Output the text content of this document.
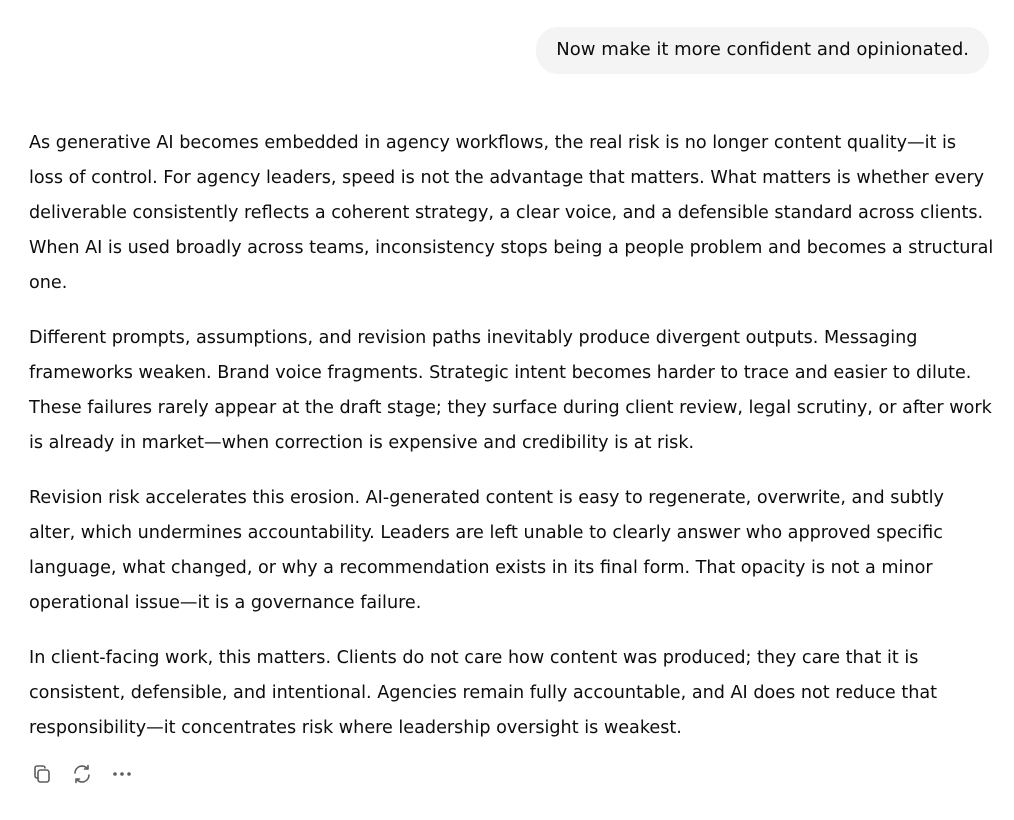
Now make it more confident and opinionated.

As generative AI becomes embedded in agency workflows, the real risk is no longer content quality—it is loss of control. For agency leaders, speed is not the advantage that matters. What matters is whether every deliverable consistently reflects a coherent strategy, a clear voice, and a defensible standard across clients. When AI is used broadly across teams, inconsistency stops being a people problem and becomes a structural one.

Different prompts, assumptions, and revision paths inevitably produce divergent outputs. Messaging frameworks weaken. Brand voice fragments. Strategic intent becomes harder to trace and easier to dilute. These failures rarely appear at the draft stage; they surface during client review, legal scrutiny, or after work is already in market—when correction is expensive and credibility is at risk.

Revision risk accelerates this erosion. AI-generated content is easy to regenerate, overwrite, and subtly alter, which undermines accountability. Leaders are left unable to clearly answer who approved specific language, what changed, or why a recommendation exists in its final form. That opacity is not a minor operational issue—it is a governance failure.

In client-facing work, this matters. Clients do not care how content was produced; they care that it is consistent, defensible, and intentional. Agencies remain fully accountable, and AI does not reduce that responsibility—it concentrates risk where leadership oversight is weakest.
